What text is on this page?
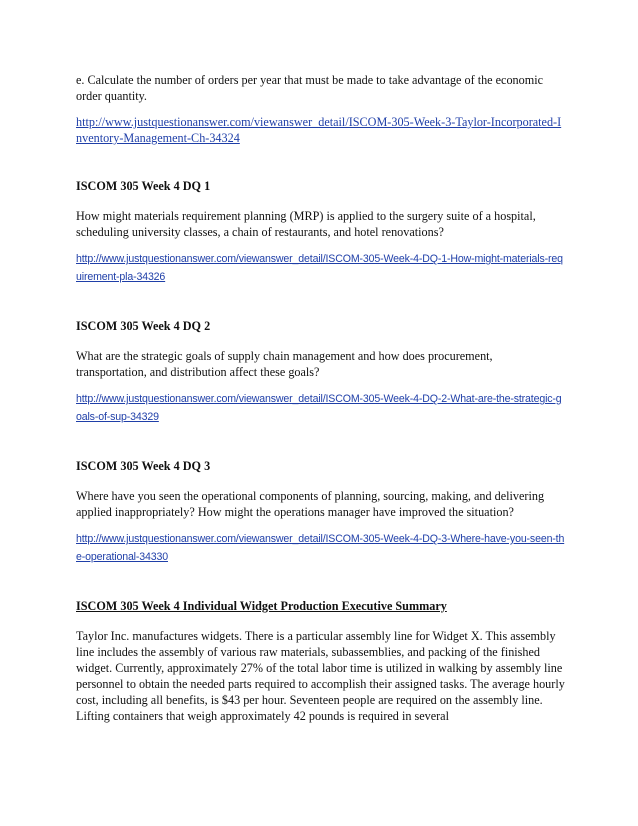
e. Calculate the number of orders per year that must be made to take advantage of the economic order quantity.

http://www.justquestionanswer.com/viewanswer_detail/ISCOM-305-Week-3-Taylor-Incorporated-Inventory-Management-Ch-34324

ISCOM 305 Week 4 DQ 1

How might materials requirement planning (MRP) is applied to the surgery suite of a hospital, scheduling university classes, a chain of restaurants, and hotel renovations?

http://www.justquestionanswer.com/viewanswer_detail/ISCOM-305-Week-4-DQ-1-How-might-materials-requirement-pla-34326

ISCOM 305 Week 4 DQ 2

What are the strategic goals of supply chain management and how does procurement, transportation, and distribution affect these goals?

http://www.justquestionanswer.com/viewanswer_detail/ISCOM-305-Week-4-DQ-2-What-are-the-strategic-goals-of-sup-34329

ISCOM 305 Week 4 DQ 3

Where have you seen the operational components of planning, sourcing, making, and delivering applied inappropriately? How might the operations manager have improved the situation?

http://www.justquestionanswer.com/viewanswer_detail/ISCOM-305-Week-4-DQ-3-Where-have-you-seen-the-operational-34330

ISCOM 305 Week 4 Individual Widget Production Executive Summary

Taylor Inc. manufactures widgets. There is a particular assembly line for Widget X. This assembly line includes the assembly of various raw materials, subassemblies, and packing of the finished widget. Currently, approximately 27% of the total labor time is utilized in walking by assembly line personnel to obtain the needed parts required to accomplish their assigned tasks. The average hourly cost, including all benefits, is $43 per hour. Seventeen people are required on the assembly line. Lifting containers that weigh approximately 42 pounds is required in several
